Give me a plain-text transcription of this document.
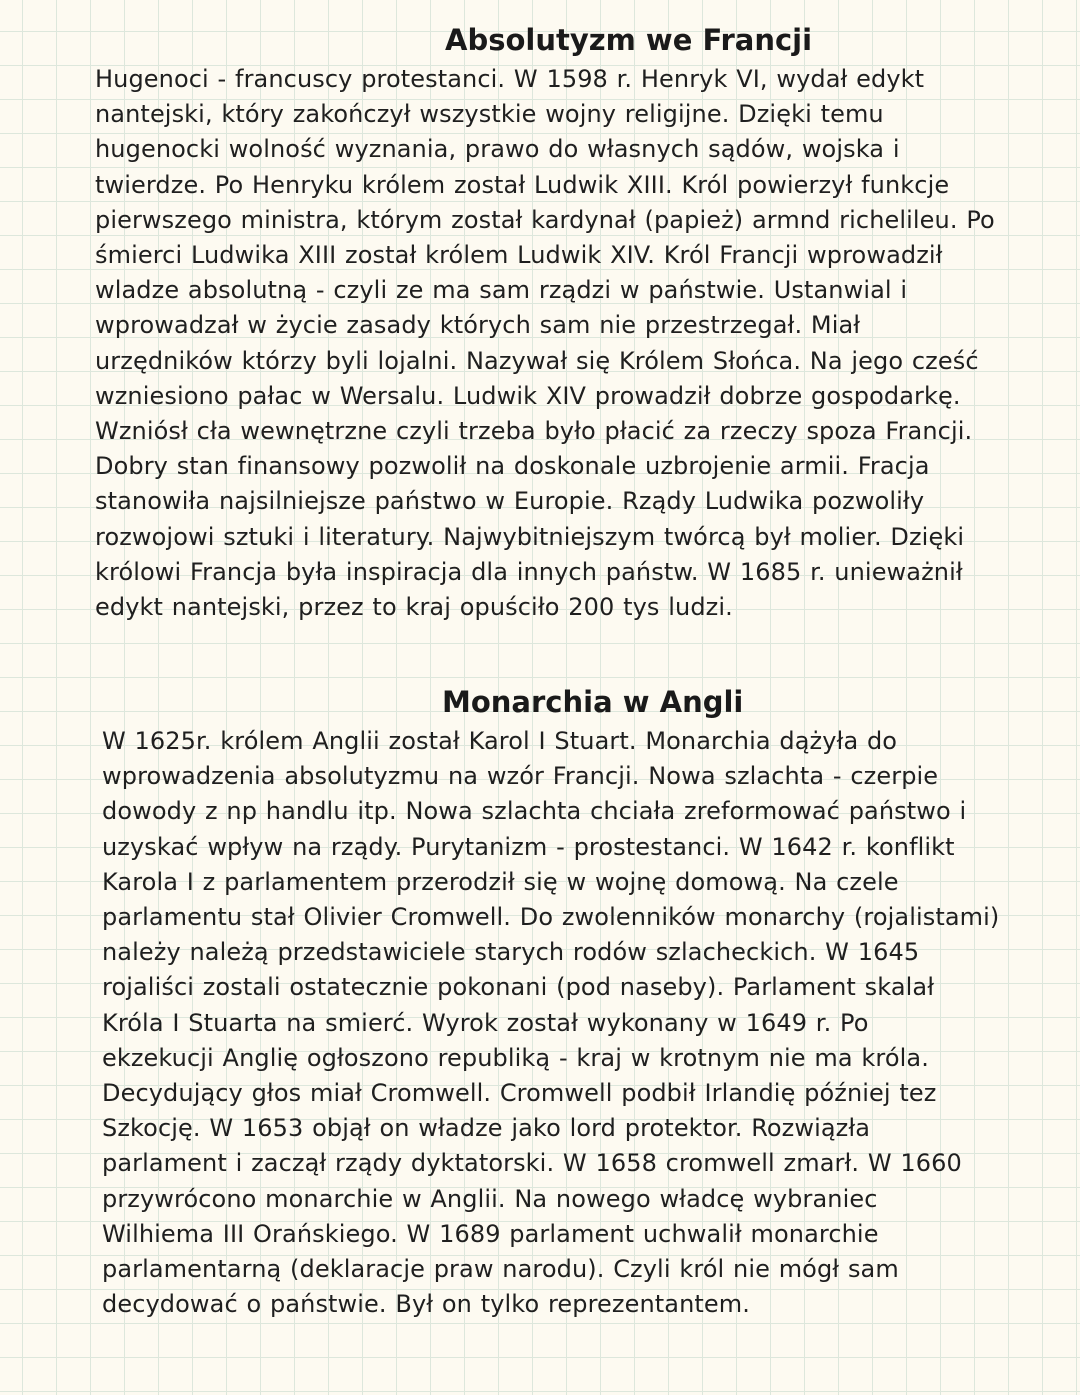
Absolutyzm we Francji
Hugenoci - francuscy protestanci. W 1598 r. Henryk VI, wydał edykt
nantejski, który zakończył wszystkie wojny religijne. Dzięki temu
hugenocki wolność wyznania, prawo do własnych sądów, wojska i
twierdze. Po Henryku królem został Ludwik XIII. Król powierzył funkcje
pierwszego ministra, którym został kardynał (papież) armnd richelileu. Po
śmierci Ludwika XIII został królem Ludwik XIV. Król Francji wprowadził
wladze absolutną - czyli ze ma sam rządzi w państwie. Ustanwial i
wprowadzał w życie zasady których sam nie przestrzegał. Miał
urzędników którzy byli lojalni. Nazywał się Królem Słońca. Na jego cześć
wzniesiono pałac w Wersalu. Ludwik XIV prowadził dobrze gospodarkę.
Wzniósł cła wewnętrzne czyli trzeba było płacić za rzeczy spoza Francji.
Dobry stan finansowy pozwolił na doskonale uzbrojenie armii. Fracja
stanowiła najsilniejsze państwo w Europie. Rządy Ludwika pozwoliły
rozwojowi sztuki i literatury. Najwybitniejszym twórcą był molier. Dzięki
królowi Francja była inspiracja dla innych państw. W 1685 r. unieważnił
edykt nantejski, przez to kraj opuściło 200 tys ludzi.
Monarchia w Angli
W 1625r. królem Anglii został Karol I Stuart. Monarchia dążyła do
wprowadzenia absolutyzmu na wzór Francji. Nowa szlachta - czerpie
dowody z np handlu itp. Nowa szlachta chciała zreformować państwo i
uzyskać wpływ na rządy. Purytanizm - prostestanci. W 1642 r. konflikt
Karola I z parlamentem przerodził się w wojnę domową. Na czele
parlamentu stał Olivier Cromwell. Do zwolenników monarchy (rojalistami)
należy należą przedstawiciele starych rodów szlacheckich. W 1645
rojaliści zostali ostatecznie pokonani (pod naseby). Parlament skalał
Króla I Stuarta na smierć. Wyrok został wykonany w 1649 r. Po
ekzekucji Anglię ogłoszono republiką - kraj w krotnym nie ma króla.
Decydujący głos miał Cromwell. Cromwell podbił Irlandię później tez
Szkocję. W 1653 objął on władze jako lord protektor. Rozwiązła
parlament i zaczął rządy dyktatorski. W 1658 cromwell zmarł. W 1660
przywrócono monarchie w Anglii. Na nowego władcę wybraniec
Wilhiema III Orańskiego. W 1689 parlament uchwalił monarchie
parlamentarną (deklaracje praw narodu). Czyli król nie mógł sam
decydować o państwie. Był on tylko reprezentantem.
